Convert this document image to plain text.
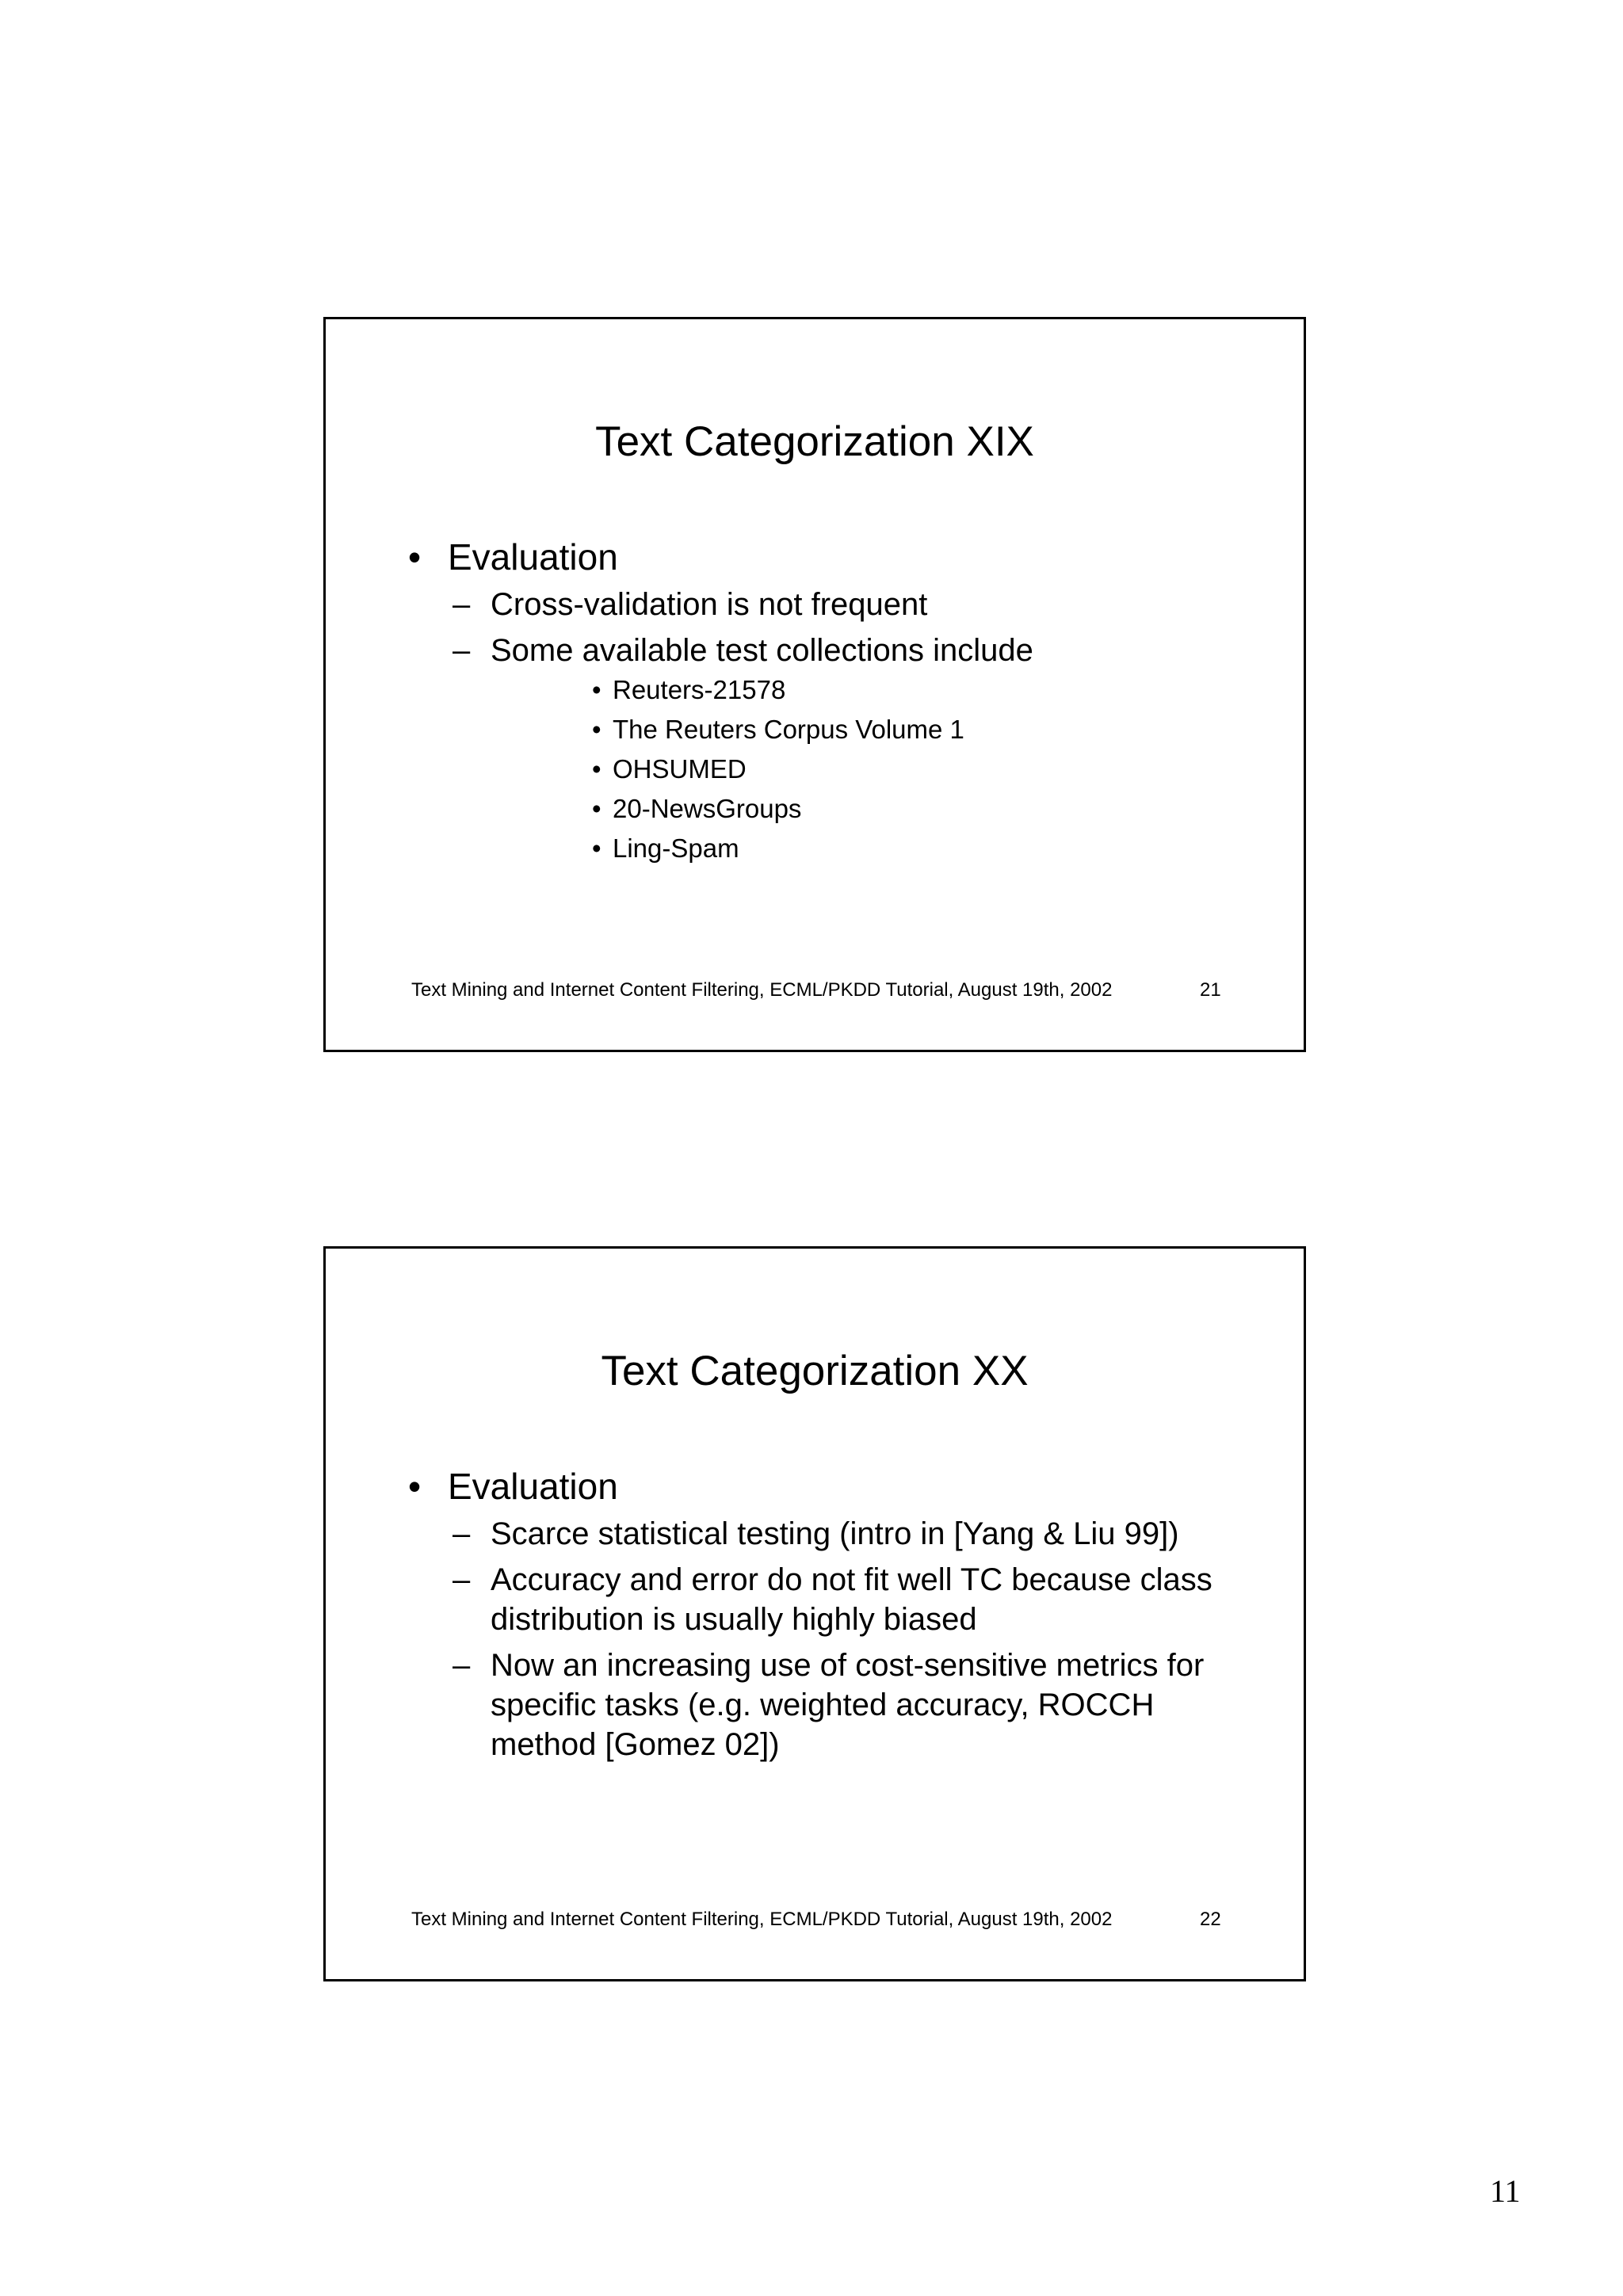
Text Categorization XIX
• Evaluation
– Cross-validation is not frequent
– Some available test collections include
• Reuters-21578
• The Reuters Corpus Volume 1
• OHSUMED
• 20-NewsGroups
• Ling-Spam
Text Mining and Internet Content Filtering, ECML/PKDD Tutorial, August 19th, 2002	21
Text Categorization XX
• Evaluation
– Scarce statistical testing (intro in [Yang & Liu 99])
– Accuracy and error do not fit well TC because class distribution is usually highly biased
– Now an increasing use of cost-sensitive metrics for specific tasks (e.g. weighted accuracy, ROCCH method [Gomez 02])
Text Mining and Internet Content Filtering, ECML/PKDD Tutorial, August 19th, 2002	22
11
